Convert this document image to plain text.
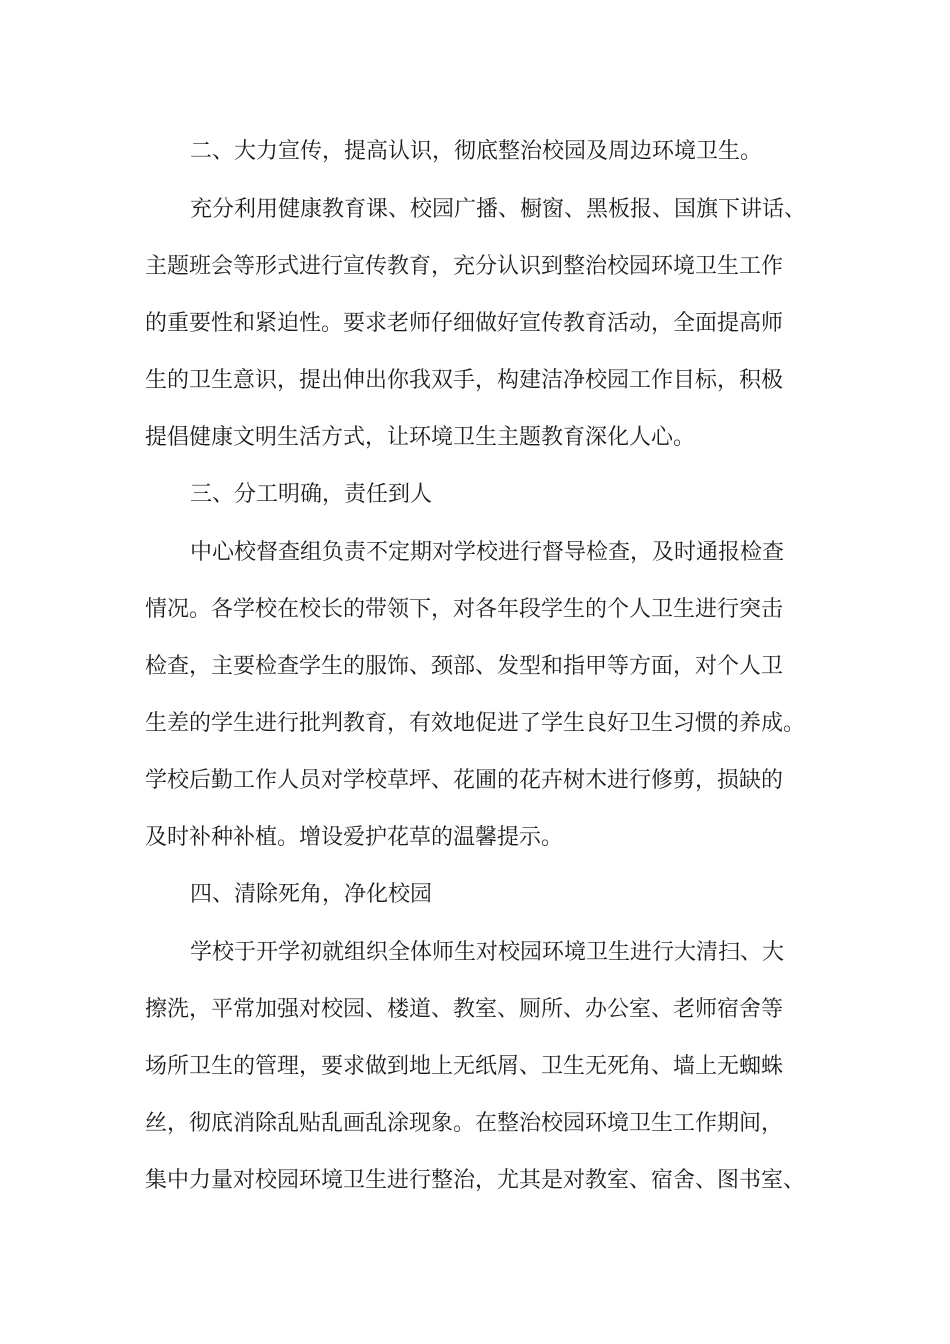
二、大力宣传，提高认识，彻底整治校园及周边环境卫生。
充分利用健康教育课、校园广播、橱窗、黑板报、国旗下讲话、
主题班会等形式进行宣传教育，充分认识到整治校园环境卫生工作
的重要性和紧迫性。要求老师仔细做好宣传教育活动，全面提高师
生的卫生意识，提出伸出你我双手，构建洁净校园工作目标，积极
提倡健康文明生活方式，让环境卫生主题教育深化人心。
三、分工明确，责任到人
中心校督查组负责不定期对学校进行督导检查，及时通报检查
情况。各学校在校长的带领下，对各年段学生的个人卫生进行突击
检查，主要检查学生的服饰、颈部、发型和指甲等方面，对个人卫
生差的学生进行批判教育，有效地促进了学生良好卫生习惯的养成。
学校后勤工作人员对学校草坪、花圃的花卉树木进行修剪，损缺的
及时补种补植。增设爱护花草的温馨提示。
四、清除死角，净化校园
学校于开学初就组织全体师生对校园环境卫生进行大清扫、大
擦洗，平常加强对校园、楼道、教室、厕所、办公室、老师宿舍等
场所卫生的管理，要求做到地上无纸屑、卫生无死角、墙上无蜘蛛
丝，彻底消除乱贴乱画乱涂现象。在整治校园环境卫生工作期间，
集中力量对校园环境卫生进行整治，尤其是对教室、宿舍、图书室、
